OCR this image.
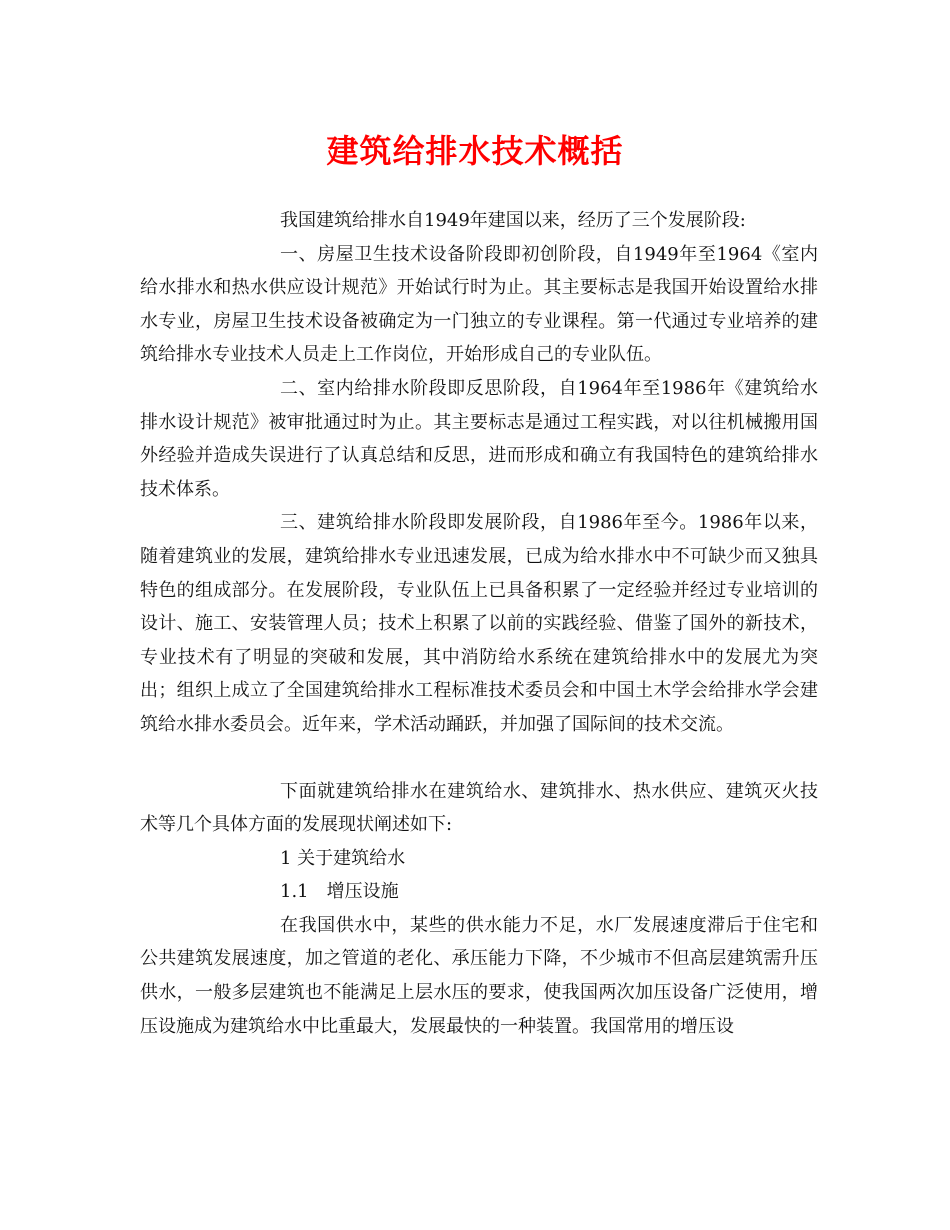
建筑给排水技术概括

我国建筑给排水自1949年建国以来，经历了三个发展阶段:

一、房屋卫生技术设备阶段即初创阶段，自1949年至1964《室内给水排水和热水供应设计规范》开始试行时为止。其主要标志是我国开始设置给水排水专业，房屋卫生技术设备被确定为一门独立的专业课程。第一代通过专业培养的建筑给排水专业技术人员走上工作岗位，开始形成自己的专业队伍。

二、室内给排水阶段即反思阶段，自1964年至1986年《建筑给水排水设计规范》被审批通过时为止。其主要标志是通过工程实践，对以往机械搬用国外经验并造成失误进行了认真总结和反思，进而形成和确立有我国特色的建筑给排水技术体系。

三、建筑给排水阶段即发展阶段，自1986年至今。1986年以来，随着建筑业的发展，建筑给排水专业迅速发展，已成为给水排水中不可缺少而又独具特色的组成部分。在发展阶段，专业队伍上已具备积累了一定经验并经过专业培训的设计、施工、安装管理人员；技术上积累了以前的实践经验、借鉴了国外的新技术，专业技术有了明显的突破和发展，其中消防给水系统在建筑给排水中的发展尤为突出；组织上成立了全国建筑给排水工程标准技术委员会和中国土木学会给排水学会建筑给水排水委员会。近年来，学术活动踊跃，并加强了国际间的技术交流。

下面就建筑给排水在建筑给水、建筑排水、热水供应、建筑灭火技术等几个具体方面的发展现状阐述如下:

1 关于建筑给水

1.1　增压设施

在我国供水中，某些的供水能力不足，水厂发展速度滞后于住宅和公共建筑发展速度，加之管道的老化、承压能力下降，不少城市不但高层建筑需升压供水，一般多层建筑也不能满足上层水压的要求，使我国两次加压设备广泛使用，增压设施成为建筑给水中比重最大，发展最快的一种装置。我国常用的增压设
